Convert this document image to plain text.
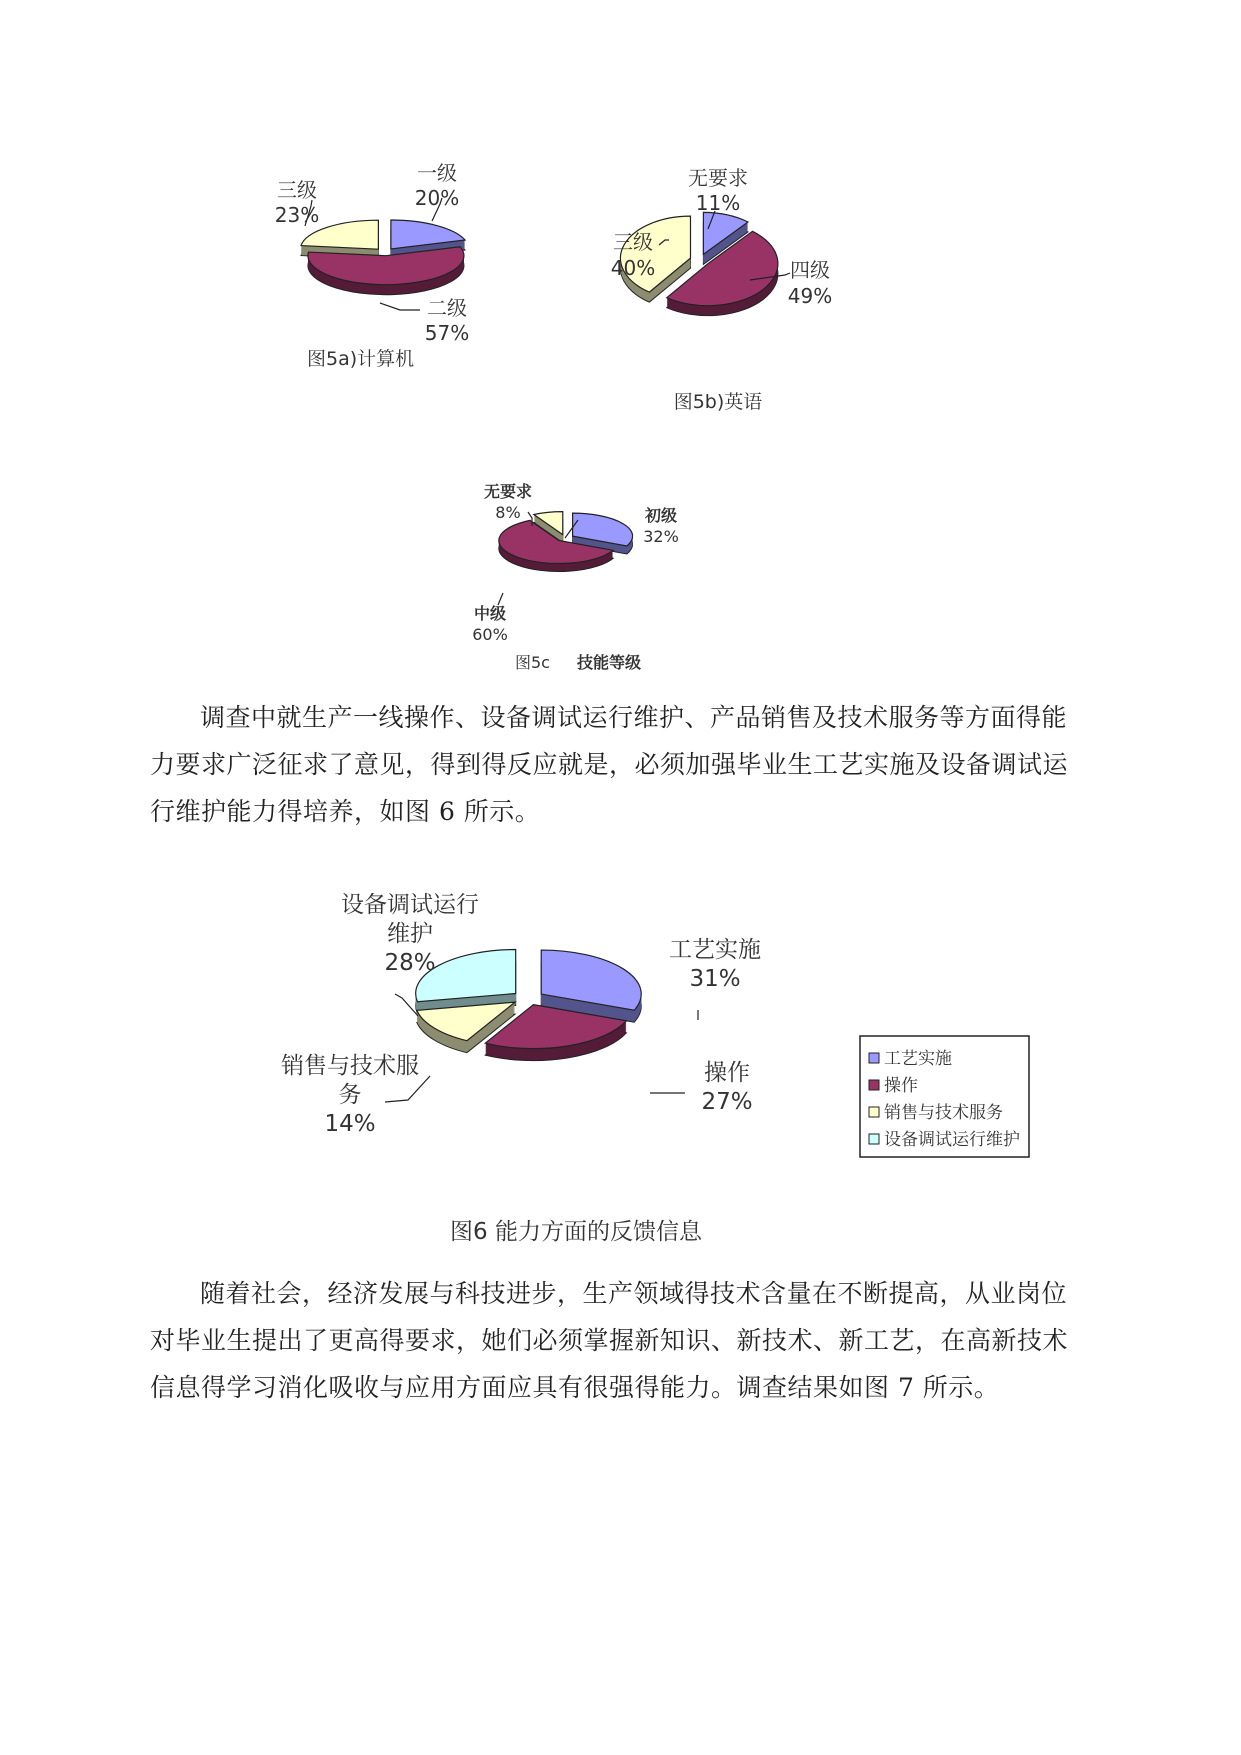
一级
20%
二级
57%
三级
23%
图5a)计算机
无要求
11%
四级
49%
三级
40%
图5b)英语
无要求
8%	初级
32%
中级
60%
图5c 技能等级

调查中就生产一线操作、设备调试运行维护、产品销售及技术服务等方面得能力要求广泛征求了意见，得到得反应就是，必须加强毕业生工艺实施及设备调试运行维护能力得培养，如图 6 所示。

设备调试运行
维护
28%	工艺实施
31%
销售与技术服
务
14%
操作
27%
工艺实施
操作
销售与技术服务
设备调试运行维护
图6 能力方面的反馈信息

随着社会，经济发展与科技进步，生产领域得技术含量在不断提高，从业岗位对毕业生提出了更高得要求，她们必须掌握新知识、新技术、新工艺，在高新技术信息得学习消化吸收与应用方面应具有很强得能力。调查结果如图 7 所示。
